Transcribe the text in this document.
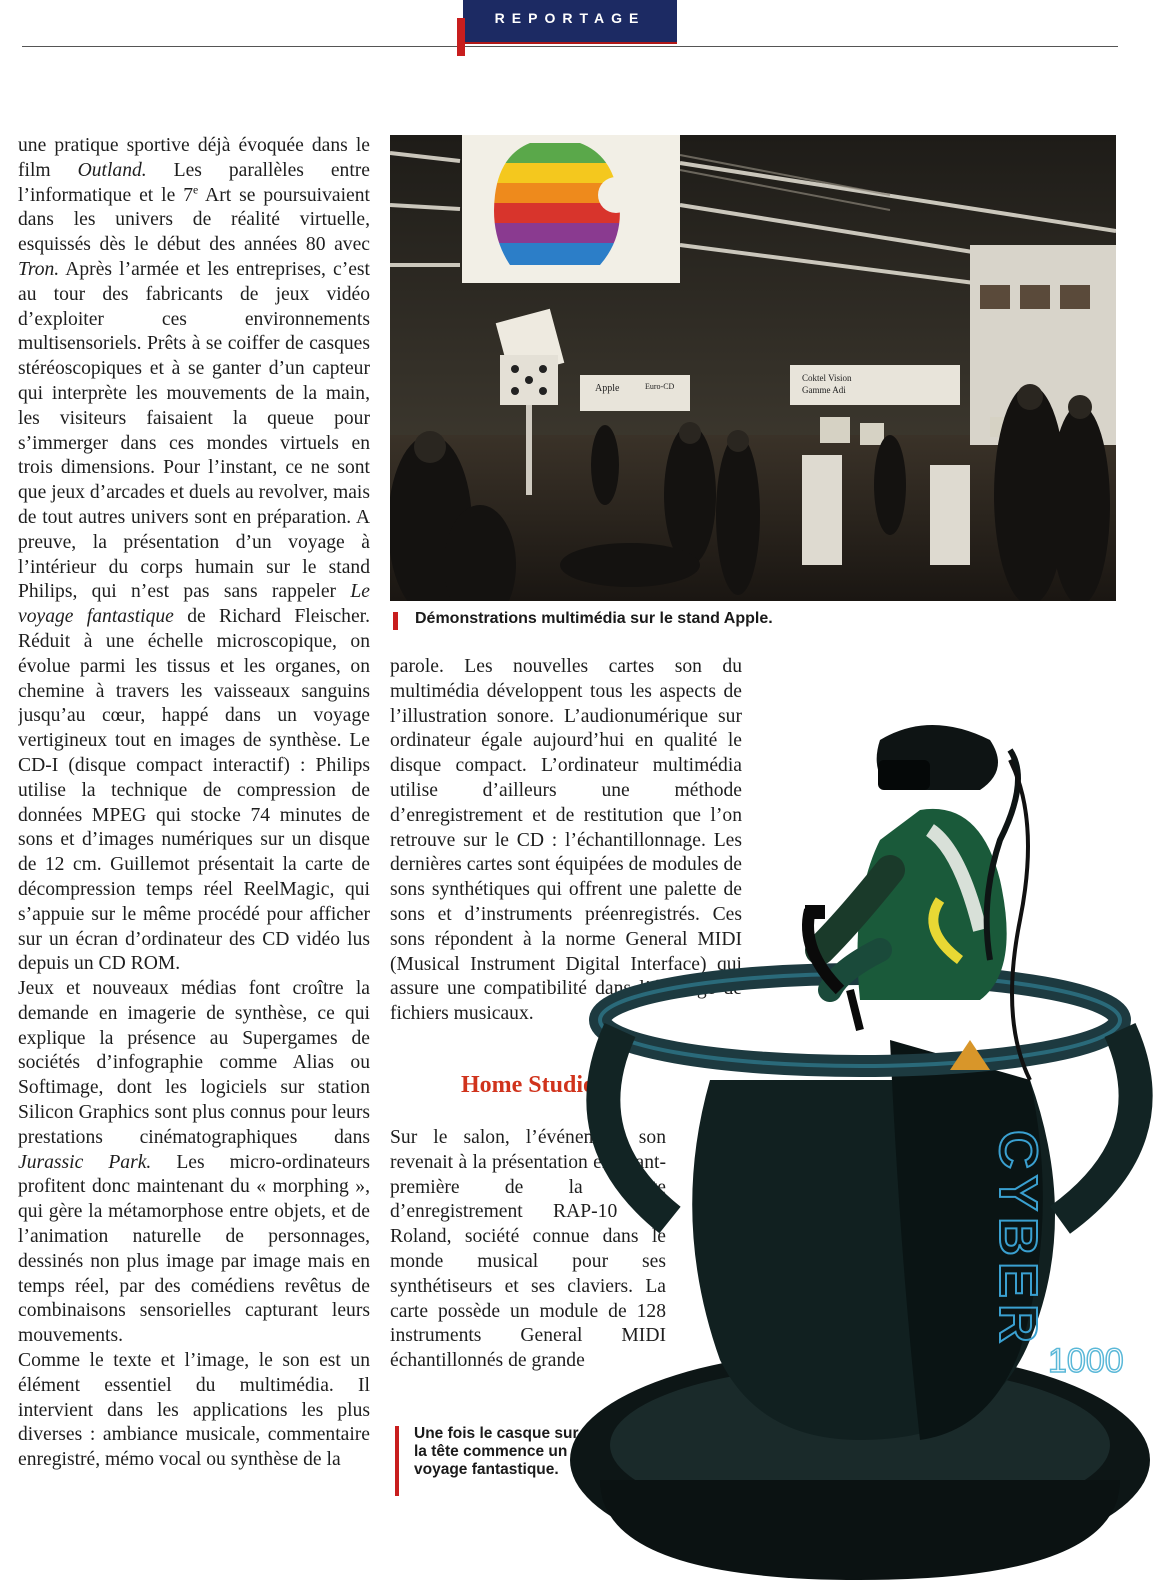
REPORTAGE

une pratique sportive déjà évoquée dans le film Outland. Les parallèles entre l’informatique et le 7e Art se poursuivaient dans les univers de réalité virtuelle, esquissés dès le début des années 80 avec Tron. Après l’armée et les entreprises, c’est au tour des fabricants de jeux vidéo d’exploiter ces environnements multisensoriels. Prêts à se coiffer de casques stéréoscopiques et à se ganter d’un capteur qui interprète les mouvements de la main, les visiteurs faisaient la queue pour s’immerger dans ces mondes virtuels en trois dimensions. Pour l’instant, ce ne sont que jeux d’arcades et duels au revolver, mais de tout autres univers sont en préparation. A preuve, la présentation d’un voyage à l’intérieur du corps humain sur le stand Philips, qui n’est pas sans rappeler Le voyage fantastique de Richard Fleischer. Réduit à une échelle microscopique, on évolue parmi les tissus et les organes, on chemine à travers les vaisseaux sanguins jusqu’au cœur, happé dans un voyage vertigineux tout en images de synthèse. Le CD-I (disque compact interactif) : Philips utilise la technique de compression de données MPEG qui stocke 74 minutes de sons et d’images numériques sur un disque de 12 cm. Guillemot présentait la carte de décompression temps réel ReelMagic, qui s’appuie sur le même procédé pour afficher sur un écran d’ordinateur des CD vidéo lus depuis un CD ROM.

Jeux et nouveaux médias font croître la demande en imagerie de synthèse, ce qui explique la présence au Supergames de sociétés d’infographie comme Alias ou Softimage, dont les logiciels sur station Silicon Graphics sont plus connus pour leurs prestations cinématographiques dans Jurassic Park. Les micro-ordinateurs profitent donc maintenant du « morphing », qui gère la métamorphose entre objets, et de l’animation naturelle de personnages, dessinés non plus image par image mais en temps réel, par des comédiens revêtus de combinaisons sensorielles capturant leurs mouvements.

Comme le texte et l’image, le son est un élément essentiel du multimédia. Il intervient dans les applications les plus diverses : ambiance musicale, commentaire enregistré, mémo vocal ou synthèse de la

Coktel Vision
Gamme Adi
Apple	Euro-CD
Démonstrations multimédia sur le stand Apple.

parole. Les nouvelles cartes son du multimédia développent tous les aspects de l’illustration sonore. L’audionumérique sur ordinateur égale aujourd’hui en qualité le disque compact. L’ordinateur multimédia utilise d’ailleurs une méthode d’enregistrement et de restitution que l’on retrouve sur le CD : l’échantillonnage. Les dernières cartes sont équipées de modules de sons synthétiques qui offrent une palette de sons et d’instruments préenregistrés. Ces sons répondent à la norme General MIDI (Musical Instrument Digital Interface) qui assure une compatibilité dans l’échange de fichiers musicaux.

Home Studio

Sur le salon, l’événement son revenait à la présentation en avant-première de la carte d’enregistrement RAP-10 de Roland, société connue dans le monde musical pour ses synthétiseurs et ses claviers. La carte possède un module de 128 instruments General MIDI échantillonnés de grande

CYBER
1000
Une fois le casque sur la tête commence un voyage fantastique.
